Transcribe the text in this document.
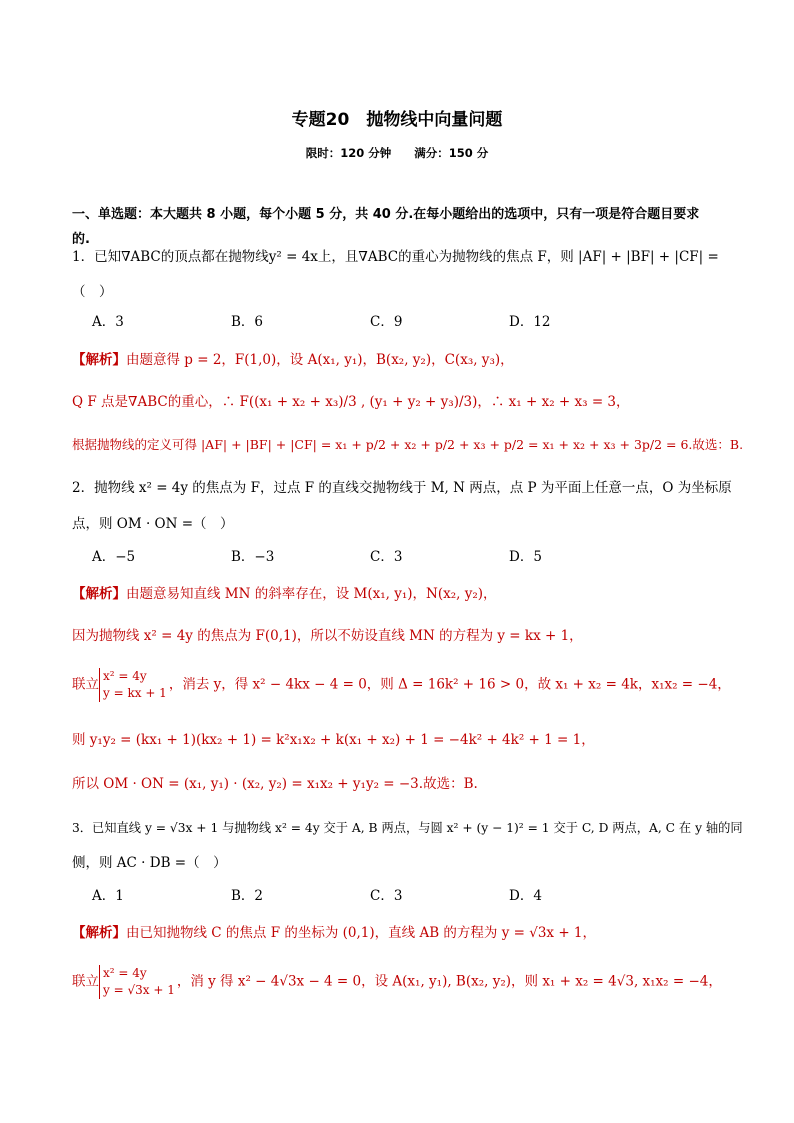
专题20　抛物线中向量问题
限时：120 分钟　　满分：150 分
一、单选题：本大题共 8 小题，每个小题 5 分，共 40 分.在每小题给出的选项中，只有一项是符合题目要求
的.
1．已知∇ABC的顶点都在抛物线y² = 4x上，且∇ABC的重心为抛物线的焦点 F，则 |AF| + |BF| + |CF| =
（　）
A．3	B．6	C．9	D．12
【解析】由题意得 p = 2，F(1,0)，设 A(x₁, y₁)，B(x₂, y₂)，C(x₃, y₃)，
Q F 点是∇ABC的重心，∴ F((x₁ + x₂ + x₃)/3 , (y₁ + y₂ + y₃)/3)，∴ x₁ + x₂ + x₃ = 3，
根据抛物线的定义可得 |AF| + |BF| + |CF| = x₁ + p/2 + x₂ + p/2 + x₃ + p/2 = x₁ + x₂ + x₃ + 3p/2 = 6.故选：B.
2．抛物线 x² = 4y 的焦点为 F，过点 F 的直线交抛物线于 M, N 两点，点 P 为平面上任意一点，O 为坐标原
点，则 OM · ON =（　）
A．−5	B．−3	C．3	D．5
【解析】由题意易知直线 MN 的斜率存在，设 M(x₁, y₁)，N(x₂, y₂)，
因为抛物线 x² = 4y 的焦点为 F(0,1)，所以不妨设直线 MN 的方程为 y = kx + 1，
联立
x² = 4y
y = kx + 1
，消去 y，得 x² − 4kx − 4 = 0，则 Δ = 16k² + 16 > 0，故 x₁ + x₂ = 4k，x₁x₂ = −4，
则 y₁y₂ = (kx₁ + 1)(kx₂ + 1) = k²x₁x₂ + k(x₁ + x₂) + 1 = −4k² + 4k² + 1 = 1，
所以 OM · ON = (x₁, y₁) · (x₂, y₂) = x₁x₂ + y₁y₂ = −3.故选：B.
3．已知直线 y = √3x + 1 与抛物线 x² = 4y 交于 A, B 两点，与圆 x² + (y − 1)² = 1 交于 C, D 两点，A, C 在 y 轴的同
侧，则 AC · DB =（　）
A．1	B．2	C．3	D．4
【解析】由已知抛物线 C 的焦点 F 的坐标为 (0,1)，直线 AB 的方程为 y = √3x + 1，
联立
x² = 4y
y = √3x + 1
，消 y 得 x² − 4√3x − 4 = 0，设 A(x₁, y₁), B(x₂, y₂)，则 x₁ + x₂ = 4√3, x₁x₂ = −4，
